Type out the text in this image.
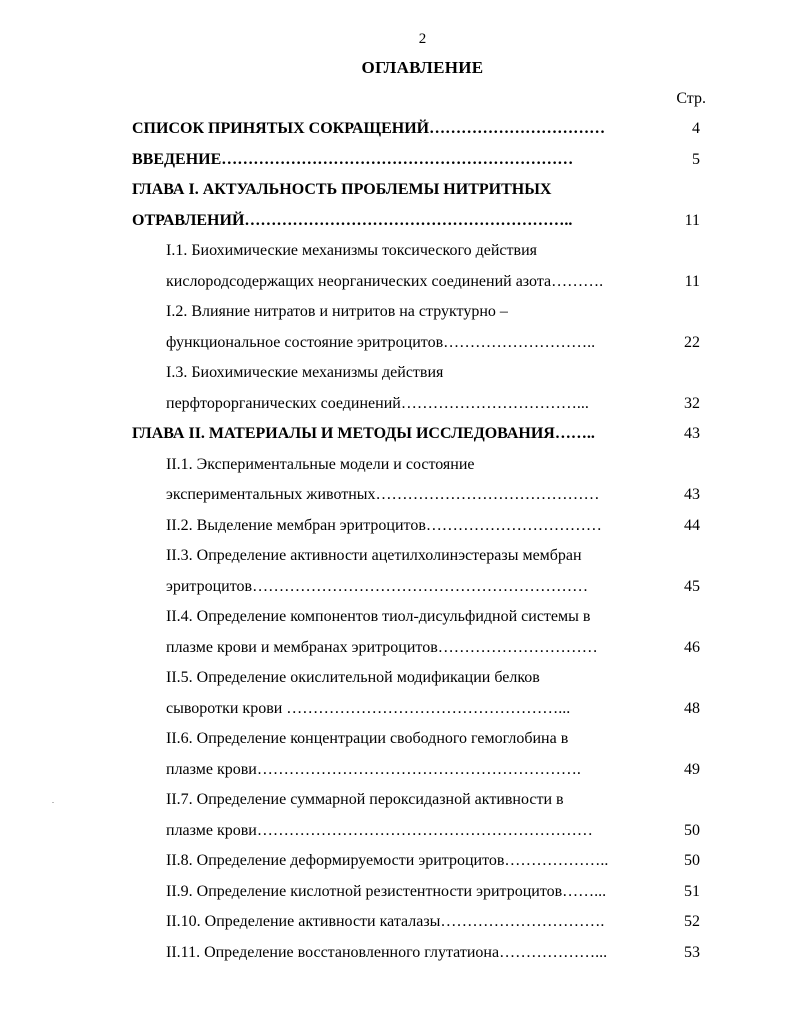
2
ОГЛАВЛЕНИЕ
Стр.
СПИСОК ПРИНЯТЫХ СОКРАЩЕНИЙ……………………………	4
ВВЕДЕНИЕ…………………………………………………………	5
ГЛАВА I. АКТУАЛЬНОСТЬ ПРОБЛЕМЫ НИТРИТНЫХ
ОТРАВЛЕНИЙ……………………………………………………..	11
I.1. Биохимические механизмы токсического действия
кислородсодержащих неорганических соединений азота……….	11
I.2. Влияние нитратов и нитритов на структурно –
функциональное состояние эритроцитов………………………..	22
I.3. Биохимические механизмы действия
перфторорганических соединений……………………………...	32
ГЛАВА II. МАТЕРИАЛЫ И МЕТОДЫ ИССЛЕДОВАНИЯ……..	43
II.1. Экспериментальные модели и состояние
экспериментальных животных……………………………………	43
II.2. Выделение мембран эритроцитов……………………………	44
II.3. Определение активности ацетилхолинэстеразы мембран
эритроцитов………………………………………………………	45
II.4. Определение компонентов тиол-дисульфидной системы в
плазме крови и мембранах эритроцитов…………………………	46
II.5. Определение окислительной модификации белков
сыворотки крови ……………………………………………...	48
II.6. Определение концентрации свободного гемоглобина в
плазме крови…………………………………………………….	49
II.7. Определение суммарной пероксидазной активности в
плазме крови………………………………………………………	50
II.8. Определение деформируемости эритроцитов………………..	50
II.9. Определение кислотной резистентности эритроцитов……...	51
II.10. Определение активности каталазы………………………….	52
II.11. Определение восстановленного глутатиона………………...	53
